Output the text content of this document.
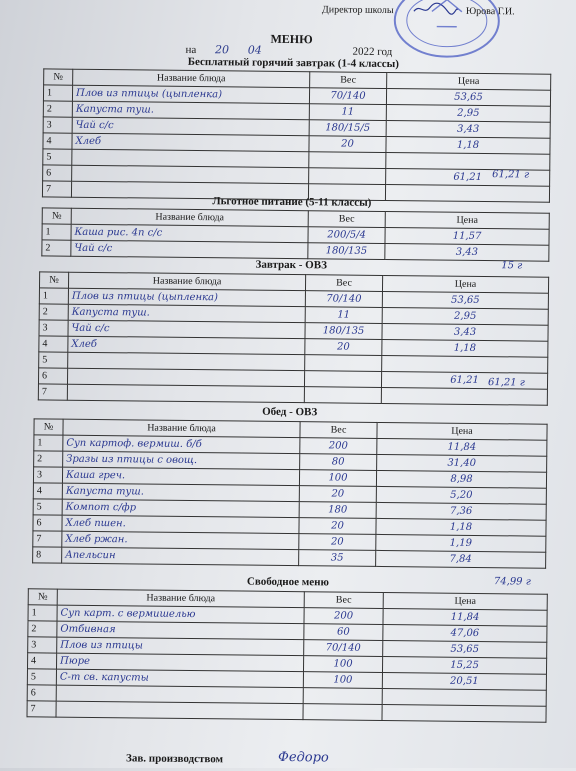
Директор школы	Юрова Г.И.
МЕНЮ
на 20 04	2022 год
Бесплатный горячий завтрак (1-4 классы)
№	Название блюда	Вес	Цена
1	Плов из птицы (цыпленка)	70/140	53,65
2	Капуста туш.	11	2,95
3	Чай с/с	180/15/5	3,43
4	Хлеб	20	1,18
5			
6			61,21
7			
61,21 г
Льготное питание (5-11 классы)
№	Название блюда	Вес	Цена
1	Каша рис. 4п с/с	200/5/4	11,57
2	Чай с/с	180/135	3,43
15 г
Завтрак - ОВЗ
№	Название блюда	Вес	Цена
1	Плов из птицы (цыпленка)	70/140	53,65
2	Капуста туш.	11	2,95
3	Чай с/с	180/135	3,43
4	Хлеб	20	1,18
5			
6			61,21
7			
61,21 г
Обед - ОВЗ
№	Название блюда	Вес	Цена
1	Суп картоф. вермиш. б/б	200	11,84
2	Зразы из птицы с овощ.	80	31,40
3	Каша греч.	100	8,98
4	Капуста туш.	20	5,20
5	Компот с/фр	180	7,36
6	Хлеб пшен.	20	1,18
7	Хлеб ржан.	20	1,19
8	Апельсин	35	7,84
74,99 г
Свободное меню
№	Название блюда	Вес	Цена
1	Суп карт. с вермишелью	200	11,84
2	Отбивная	60	47,06
3	Плов из птицы	70/140	53,65
4	Пюре	100	15,25
5	С-т св. капусты	100	20,51
6			
7			
Зав. производством	Федоро
